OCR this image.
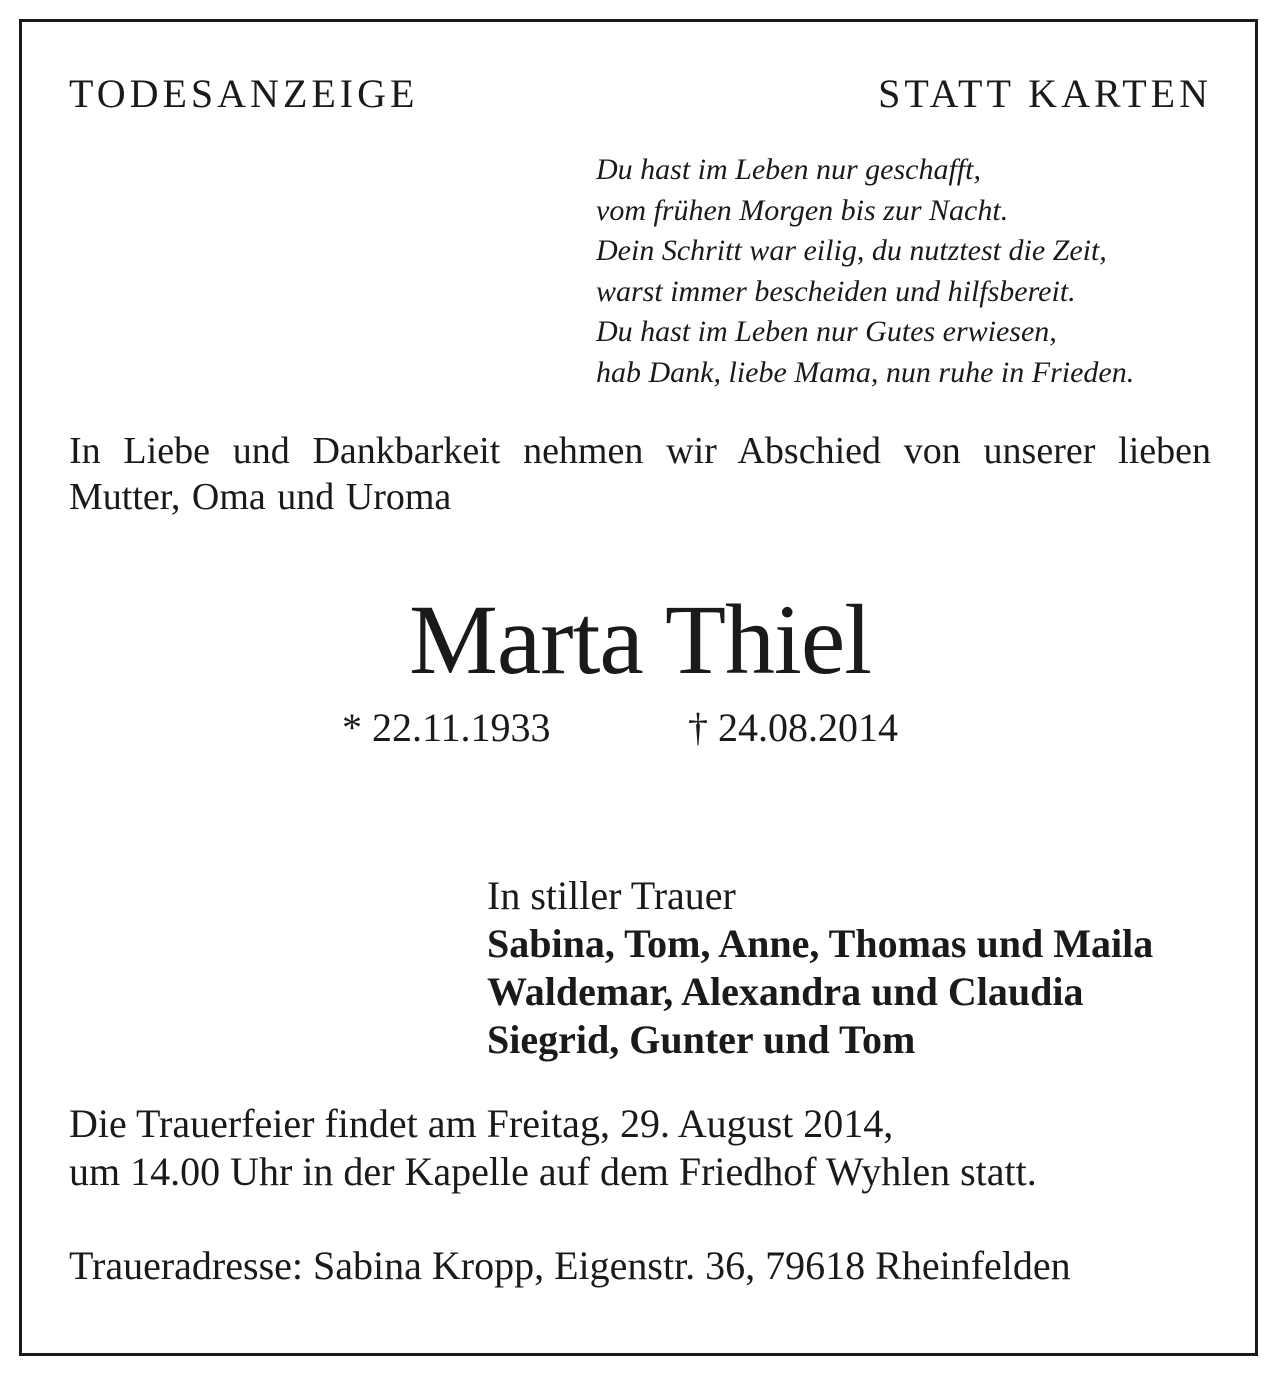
TODESANZEIGE	STATT KARTEN
Du hast im Leben nur geschafft,
vom frühen Morgen bis zur Nacht.
Dein Schritt war eilig, du nutztest die Zeit,
warst immer bescheiden und hilfsbereit.
Du hast im Leben nur Gutes erwiesen,
hab Dank, liebe Mama, nun ruhe in Frieden.
In Liebe und Dankbarkeit nehmen wir Abschied von unserer lieben Mutter, Oma und Uroma
Marta Thiel
* 22.11.1933	† 24.08.2014
In stiller Trauer
Sabina, Tom, Anne, Thomas und Maila
Waldemar, Alexandra und Claudia
Siegrid, Gunter und Tom
Die Trauerfeier findet am Freitag, 29. August 2014,
um 14.00 Uhr in der Kapelle auf dem Friedhof Wyhlen statt.
Traueradresse: Sabina Kropp, Eigenstr. 36, 79618 Rheinfelden
